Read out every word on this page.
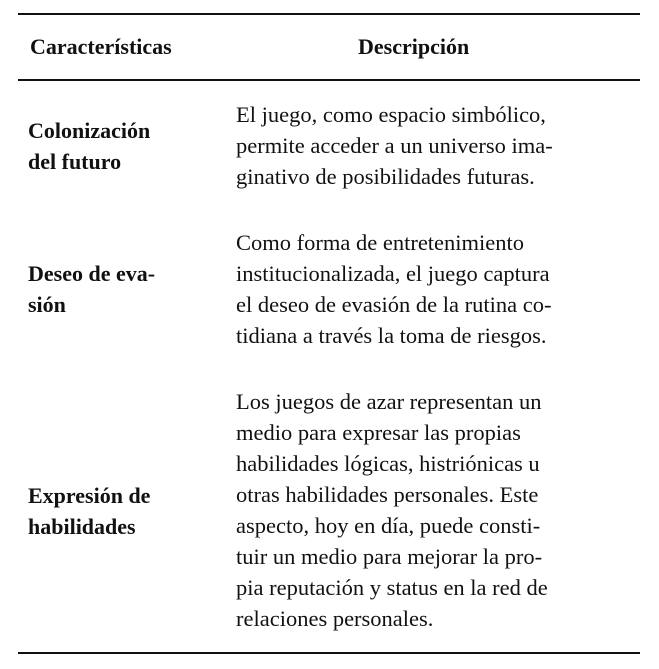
Características	Descripción
Colonización
del futuro
El juego, como espacio simbólico,
permite acceder a un universo ima-
ginativo de posibilidades futuras.
Deseo de eva-
sión
Como forma de entretenimiento
institucionalizada, el juego captura
el deseo de evasión de la rutina co-
tidiana a través la toma de riesgos.
Expresión de
habilidades
Los juegos de azar representan un
medio para expresar las propias
habilidades lógicas, histriónicas u
otras habilidades personales. Este
aspecto, hoy en día, puede consti-
tuir un medio para mejorar la pro-
pia reputación y status en la red de
relaciones personales.
